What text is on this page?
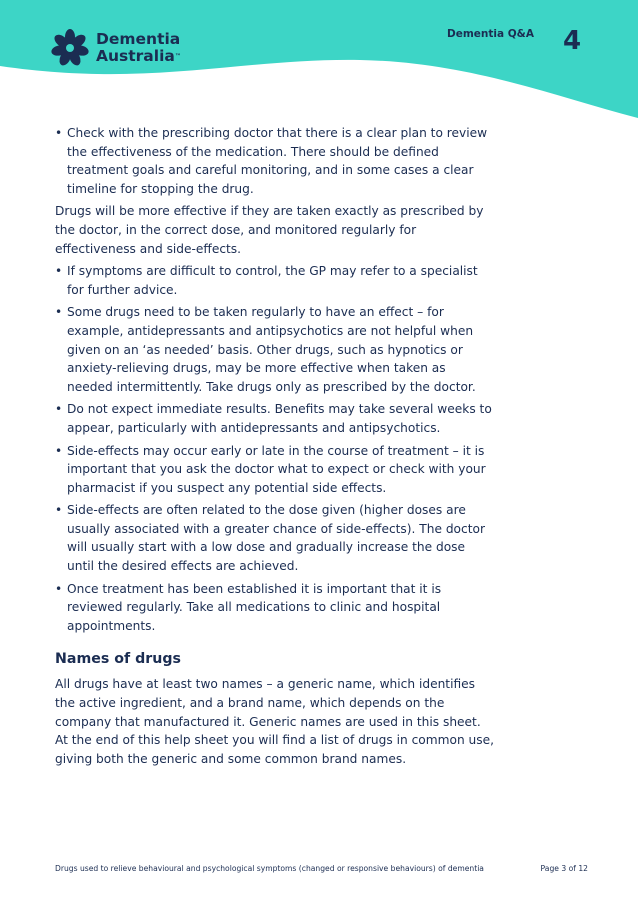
Dementia
Australia™
Dementia Q&A 4
• Check with the prescribing doctor that there is a clear plan to review the effectiveness of the medication. There should be defined treatment goals and careful monitoring, and in some cases a clear timeline for stopping the drug.

Drugs will be more effective if they are taken exactly as prescribed by the doctor, in the correct dose, and monitored regularly for effectiveness and side-effects.

• If symptoms are difficult to control, the GP may refer to a specialist for further advice.
• Some drugs need to be taken regularly to have an effect – for example, antidepressants and antipsychotics are not helpful when given on an ‘as needed’ basis. Other drugs, such as hypnotics or anxiety-relieving drugs, may be more effective when taken as needed intermittently. Take drugs only as prescribed by the doctor.
• Do not expect immediate results. Benefits may take several weeks to appear, particularly with antidepressants and antipsychotics.
• Side-effects may occur early or late in the course of treatment – it is important that you ask the doctor what to expect or check with your pharmacist if you suspect any potential side effects.
• Side-effects are often related to the dose given (higher doses are usually associated with a greater chance of side-effects). The doctor will usually start with a low dose and gradually increase the dose until the desired effects are achieved.
• Once treatment has been established it is important that it is reviewed regularly. Take all medications to clinic and hospital appointments.
Names of drugs

All drugs have at least two names – a generic name, which identifies the active ingredient, and a brand name, which depends on the company that manufactured it. Generic names are used in this sheet. At the end of this help sheet you will find a list of drugs in common use, giving both the generic and some common brand names.

Drugs used to relieve behavioural and psychological symptoms (changed or responsive behaviours) of dementia	Page 3 of 12
